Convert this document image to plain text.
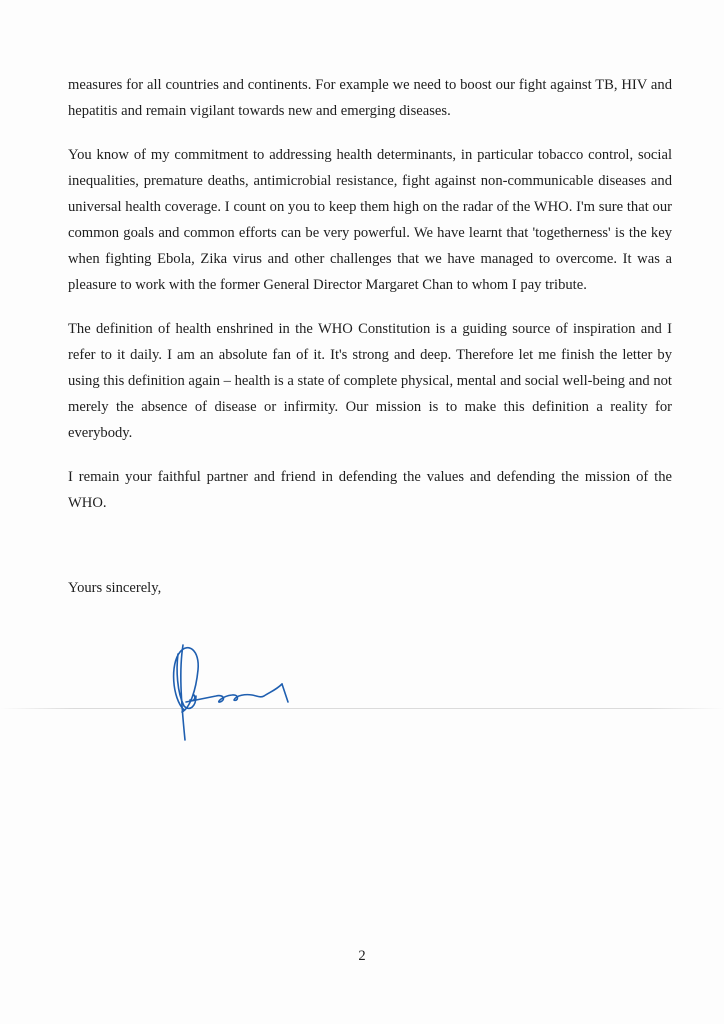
measures for all countries and continents. For example we need to boost our fight against TB, HIV and hepatitis and remain vigilant towards new and emerging diseases.

You know of my commitment to addressing health determinants, in particular tobacco control, social inequalities, premature deaths, antimicrobial resistance, fight against non-communicable diseases and universal health coverage. I count on you to keep them high on the radar of the WHO. I'm sure that our common goals and common efforts can be very powerful. We have learnt that 'togetherness' is the key when fighting Ebola, Zika virus and other challenges that we have managed to overcome. It was a pleasure to work with the former General Director Margaret Chan to whom I pay tribute.

The definition of health enshrined in the WHO Constitution is a guiding source of inspiration and I refer to it daily. I am an absolute fan of it. It's strong and deep. Therefore let me finish the letter by using this definition again – health is a state of complete physical, mental and social well-being and not merely the absence of disease or infirmity. Our mission is to make this definition a reality for everybody.

I remain your faithful partner and friend in defending the values and defending the mission of the WHO.

Yours sincerely,
2
